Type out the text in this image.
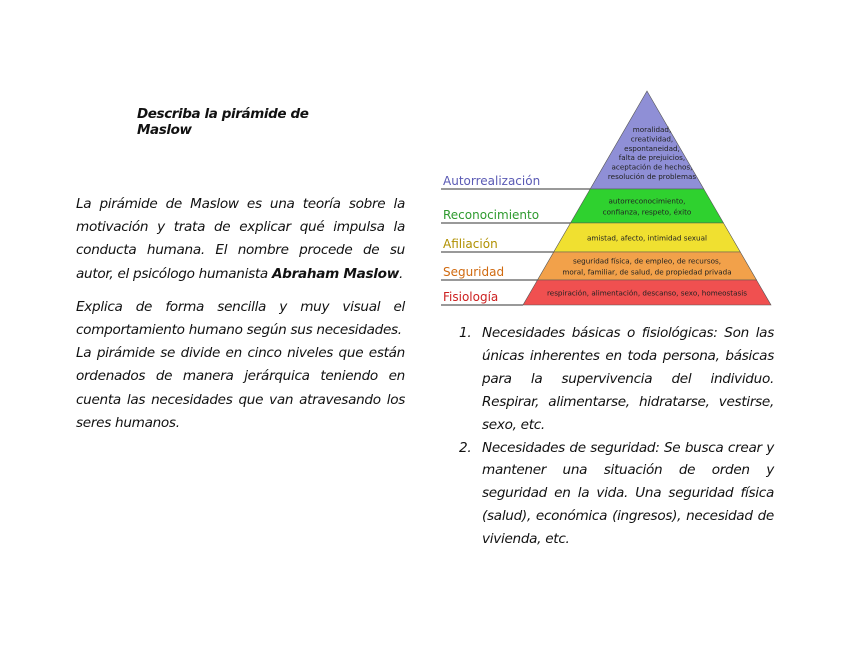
Describa la pirámide de Maslow

La pirámide de Maslow es una teoría sobre la motivación y trata de explicar qué impulsa la conducta humana. El nombre procede de su autor, el psicólogo humanista Abraham Maslow.

Explica de forma sencilla y muy visual el comportamiento humano según sus necesidades.

La pirámide se divide en cinco niveles que están ordenados de manera jerárquica teniendo en cuenta las necesidades que van atravesando los seres humanos.

Autorrealización
moralidad,
creatividad,
espontaneidad,
falta de prejuicios,
aceptación de hechos,
resolución de problemas
Reconocimiento
autorreconocimiento,
confianza, respeto, éxito
Afiliación	amistad, afecto, intimidad sexual
Seguridad
seguridad física, de empleo, de recursos,
moral, familiar, de salud, de propiedad privada
Fisiología	respiración, alimentación, descanso, sexo, homeostasis
1. Necesidades básicas o fisiológicas: Son las únicas inherentes en toda persona, básicas para la supervivencia del individuo. Respirar, alimentarse, hidratarse, vestirse, sexo, etc.
2. Necesidades de seguridad: Se busca crear y mantener una situación de orden y seguridad en la vida. Una seguridad física (salud), económica (ingresos), necesidad de vivienda, etc.
